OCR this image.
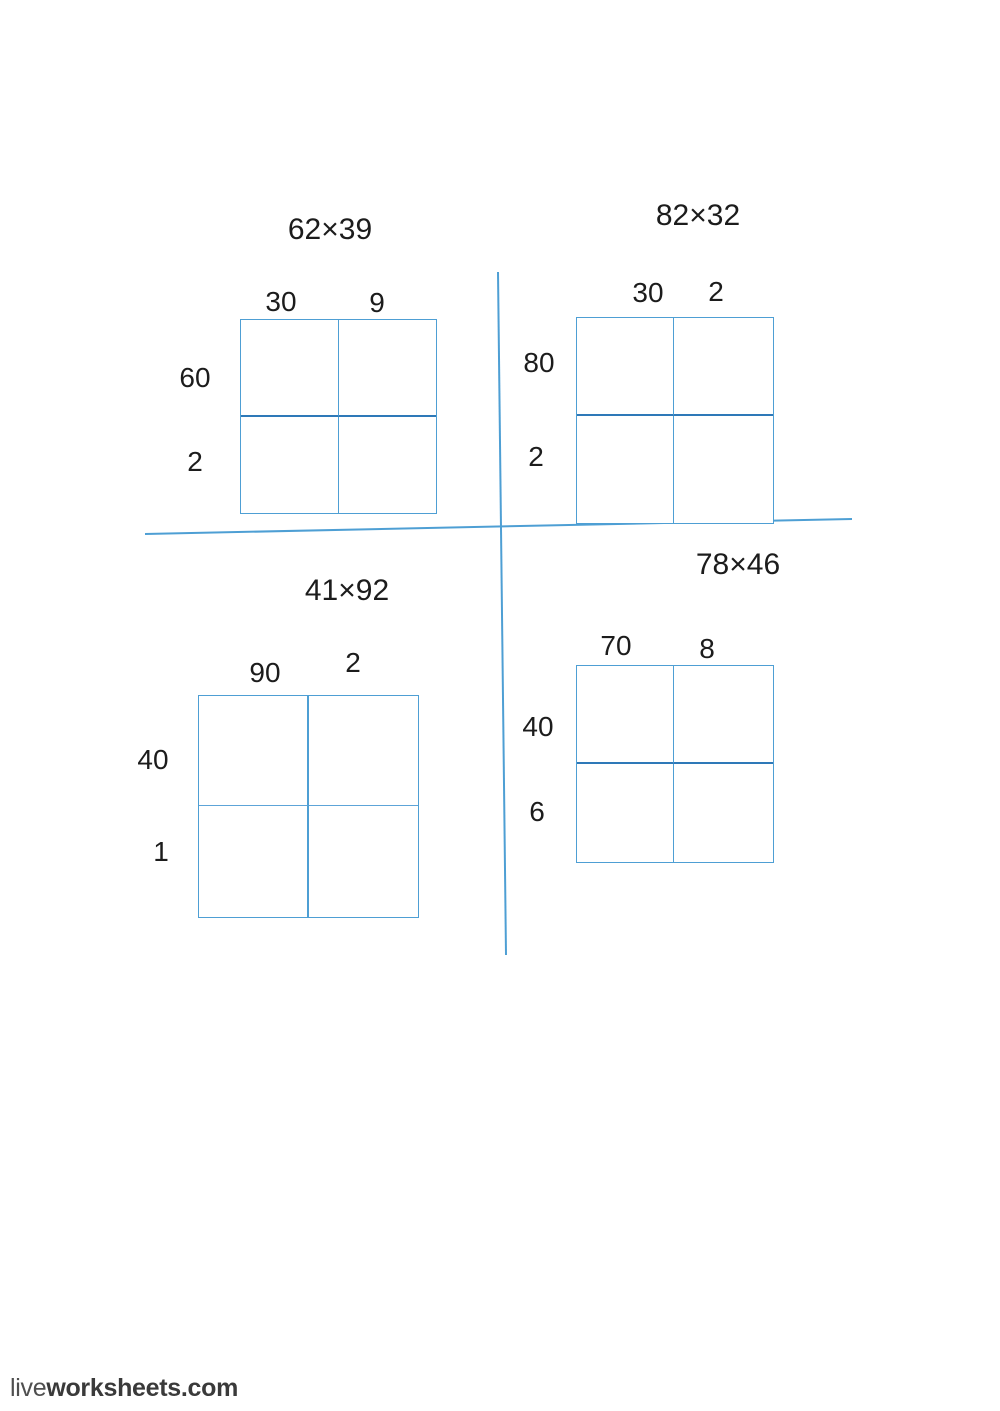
62×39
30	9
60
2
82×32
30 2
80
2
41×92
90 2
40
1
78×46
70 8
40
6
liveworksheets.com
